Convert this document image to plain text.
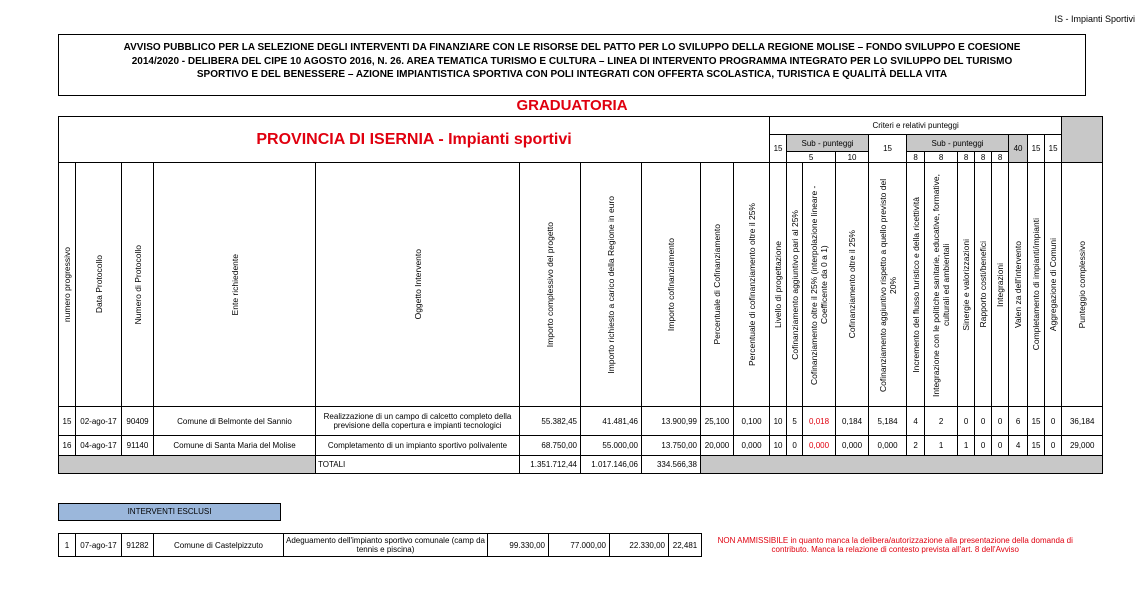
IS - Impianti Sportivi
AVVISO PUBBLICO PER LA SELEZIONE DEGLI INTERVENTI DA FINANZIARE CON LE RISORSE DEL PATTO PER LO SVILUPPO DELLA REGIONE MOLISE – FONDO SVILUPPO E COESIONE
2014/2020 - DELIBERA DEL CIPE 10 AGOSTO 2016, N. 26. AREA TEMATICA TURISMO E CULTURA – LINEA DI INTERVENTO PROGRAMMA INTEGRATO PER LO SVILUPPO DEL TURISMO
SPORTIVO E DEL BENESSERE – AZIONE IMPIANTISTICA SPORTIVA CON POLI INTEGRATI CON OFFERTA SCOLASTICA, TURISTICA E QUALITÀ DELLA VITA
GRADUATORIA
PROVINCIA DI ISERNIA - Impianti sportivi										Criteri e relativi punteggi													
										15	Sub - punteggi			15	Sub - punteggi					40	15	15	
											5		10		8	8	8	8	8				

numero progressivo	Data Protocollo	Numero di Protocollo	Ente richiedente	Oggetto Intervento	Importo complessivo del progetto	Importo richiesto a carico della Regione in euro	Importo cofinanziamento	Percentuale di Cofinanziamento	Percentuale di cofinanziamento oltre il 25%	Livello di progettazione	Cofinanziamento aggiuntivo pari al 25%	Cofinanziamento oltre il 25% (interpolazione lineare - Coefficente da 0 a 1)	Cofinanziamento oltre il 25%	Cofinanziamento aggiuntivo rispetto a quello previsto del 20%	Incremento del flusso turistico e della ricettività	Integrazione con le politiche sanitarie, educative, formative, culturali ed ambientali	Sinergie e valorizzazioni	Rapporto costi/benefici	Integrazioni	Valen za dell'intervento	Completamento di impianti/impianti	Aggregazione di Comuni	Punteggio complessivo

15	02-ago-17	90409	Comune di Belmonte del Sannio	Realizzazione di un campo di calcetto completo della previsione della copertura e impianti tecnologici	55.382,45	41.481,46	13.900,99	25,100	0,100	10	5	0,018	0,184	5,184	4	2	0	0	0	6	15	0	36,184
16	04-ago-17	91140	Comune di Santa Maria del Molise	Completamento di un impianto sportivo polivalente	68.750,00	55.000,00	13.750,00	20,000	0,000	10	0	0,000	0,000	0,000	2	1	1	0	0	4	15	0	29,000
				TOTALI	1.351.712,44	1.017.146,06	334.566,38																
INTERVENTI ESCLUSI
1	07-ago-17	91282	Comune di Castelpizzuto	Adeguamento dell'impianto sportivo comunale (camp da tennis e piscina)	99.330,00	77.000,00	22.330,00	22,481	NON AMMISSIBILE in quanto manca la delibera/autorizzazione alla presentazione della domanda di
contributo. Manca la relazione di contesto prevista all'art. 8 dell'Avviso
